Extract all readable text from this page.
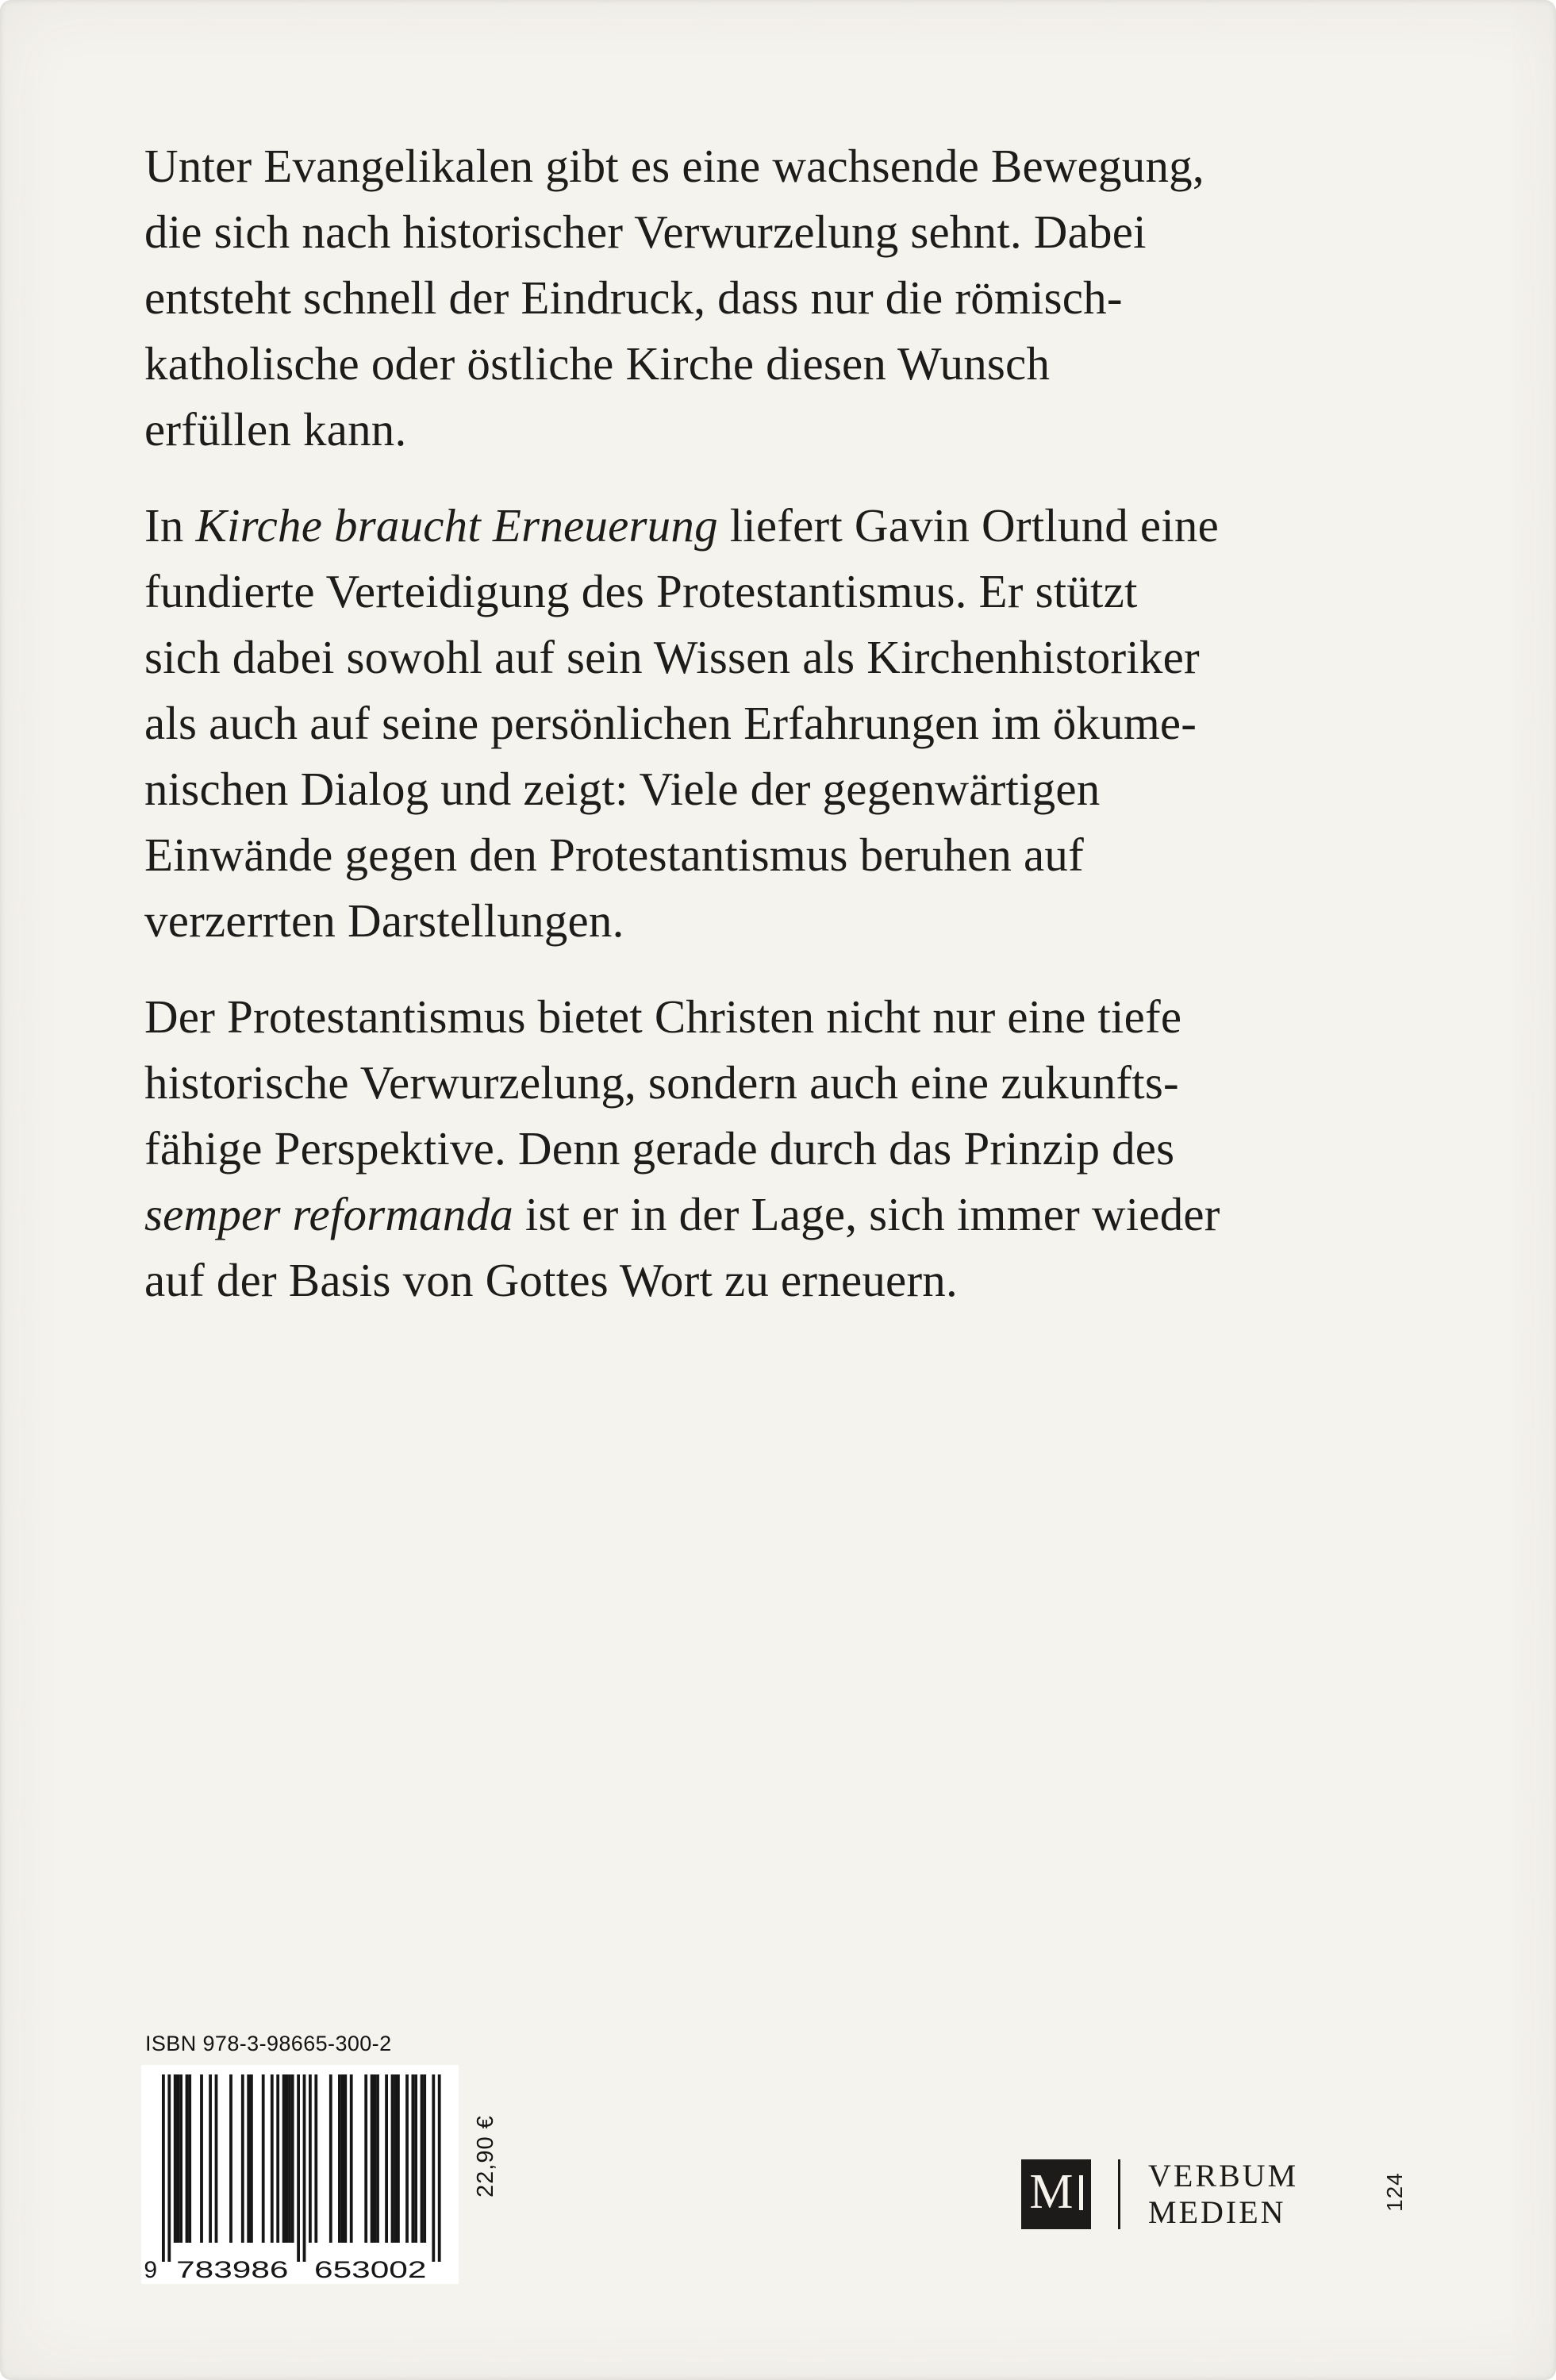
Unter Evangelikalen gibt es eine wachsende Bewegung,
die sich nach historischer Verwurzelung sehnt. Dabei
entsteht schnell der Eindruck, dass nur die römisch-
katholische oder östliche Kirche diesen Wunsch
erfüllen kann.

In Kirche braucht Erneuerung liefert Gavin Ortlund eine
fundierte Verteidigung des Protestantismus. Er stützt
sich dabei sowohl auf sein Wissen als Kirchenhistoriker
als auch auf seine persönlichen Erfahrungen im ökume-
nischen Dialog und zeigt: Viele der gegenwärtigen
Einwände gegen den Protestantismus beruhen auf
verzerrten Darstellungen.

Der Protestantismus bietet Christen nicht nur eine tiefe
historische Verwurzelung, sondern auch eine zukunfts-
fähige Perspektive. Denn gerade durch das Prinzip des
semper reformanda ist er in der Lage, sich immer wieder
auf der Basis von Gottes Wort zu erneuern.

ISBN 978-3-98665-300-2
9 783986 653002
22,90 €	M VERBUM
MEDIEN
124
